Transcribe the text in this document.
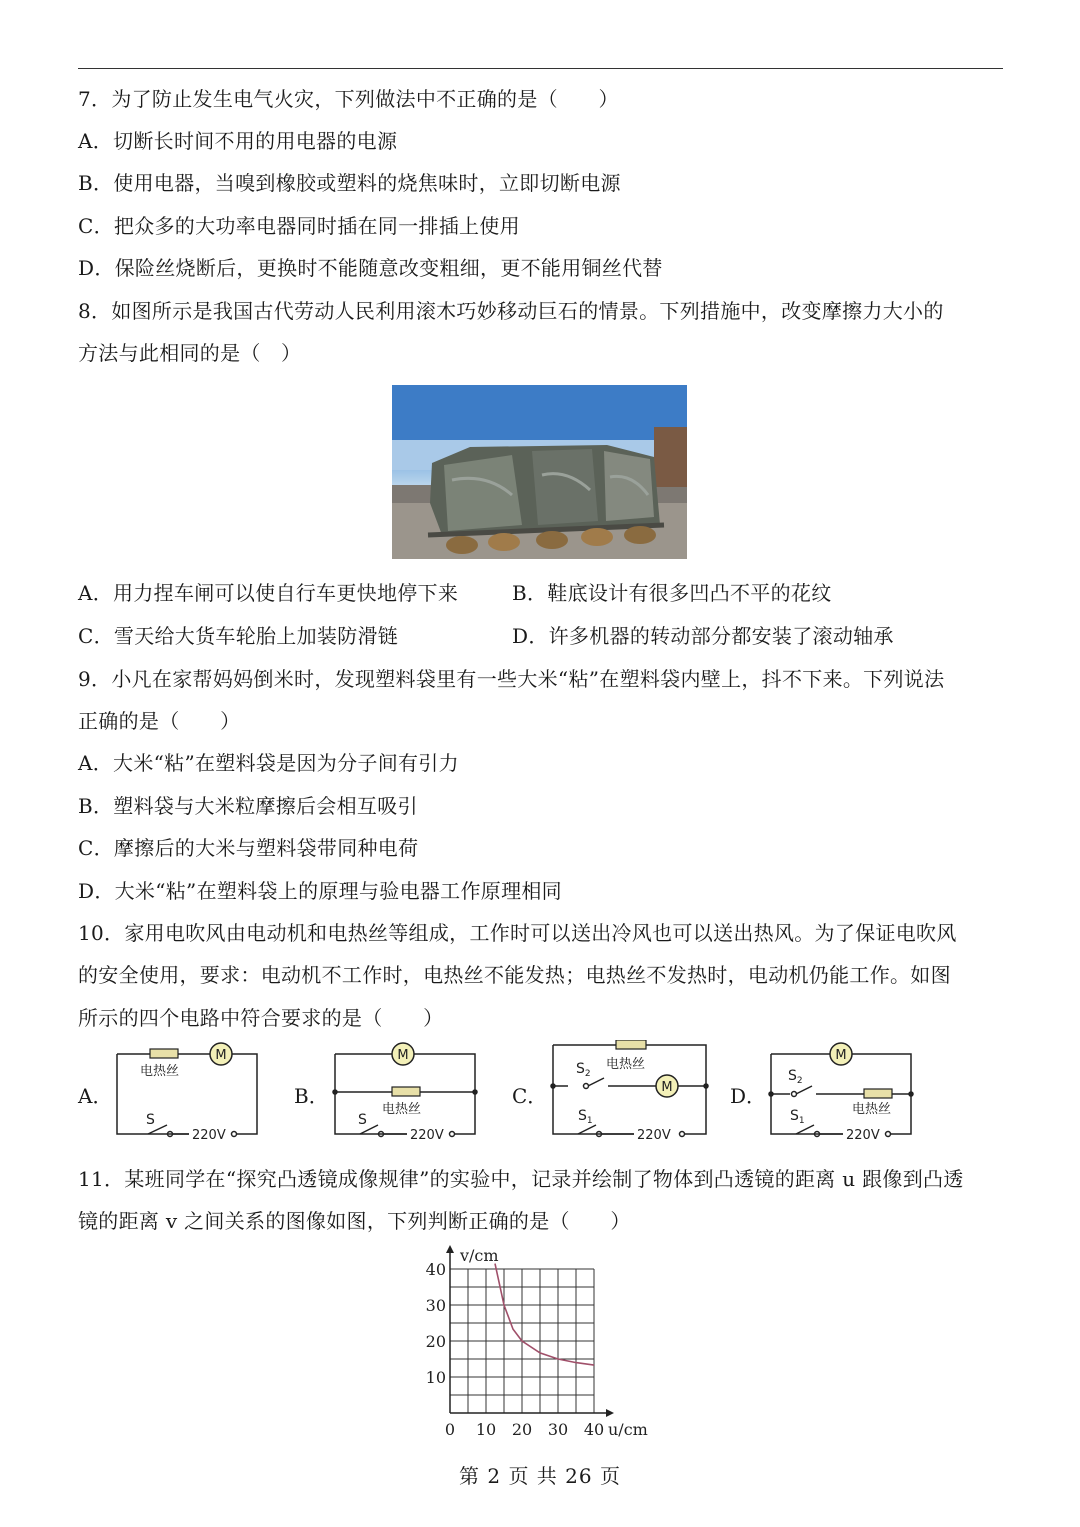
7．为了防止发生电气火灾，下列做法中不正确的是（　　）
A．切断长时间不用的用电器的电源
B．使用电器，当嗅到橡胶或塑料的烧焦味时，立即切断电源
C．把众多的大功率电器同时插在同一排插上使用
D．保险丝烧断后，更换时不能随意改变粗细，更不能用铜丝代替
8．如图所示是我国古代劳动人民利用滚木巧妙移动巨石的情景。下列措施中，改变摩擦力大小的
方法与此相同的是（　）
A．用力捏车闸可以使自行车更快地停下来	B．鞋底设计有很多凹凸不平的花纹
C．雪天给大货车轮胎上加装防滑链	D．许多机器的转动部分都安装了滚动轴承
9．小凡在家帮妈妈倒米时，发现塑料袋里有一些大米“粘”在塑料袋内壁上，抖不下来。下列说法
正确的是（　　）
A．大米“粘”在塑料袋是因为分子间有引力
B．塑料袋与大米粒摩擦后会相互吸引
C．摩擦后的大米与塑料袋带同种电荷
D．大米“粘”在塑料袋上的原理与验电器工作原理相同
10．家用电吹风由电动机和电热丝等组成，工作时可以送出冷风也可以送出热风。为了保证电吹风
的安全使用，要求：电动机不工作时，电热丝不能发热；电热丝不发热时，电动机仍能工作。如图
所示的四个电路中符合要求的是（　　）
A．
M
电热丝
S
220V
B．
M
电热丝
S
220V
C．
电热丝
M
$S_2$
$S_1$
220V
D．
M
电热丝
$S_2$
$S_1$
220V
11．某班同学在“探究凸透镜成像规律”的实验中，记录并绘制了物体到凸透镜的距离 u 跟像到凸透
镜的距离 v 之间关系的图像如图，下列判断正确的是（　　）
v/cm
u/cm
0 10 20 30 40
10
20
30
40
第 2 页 共 26 页
